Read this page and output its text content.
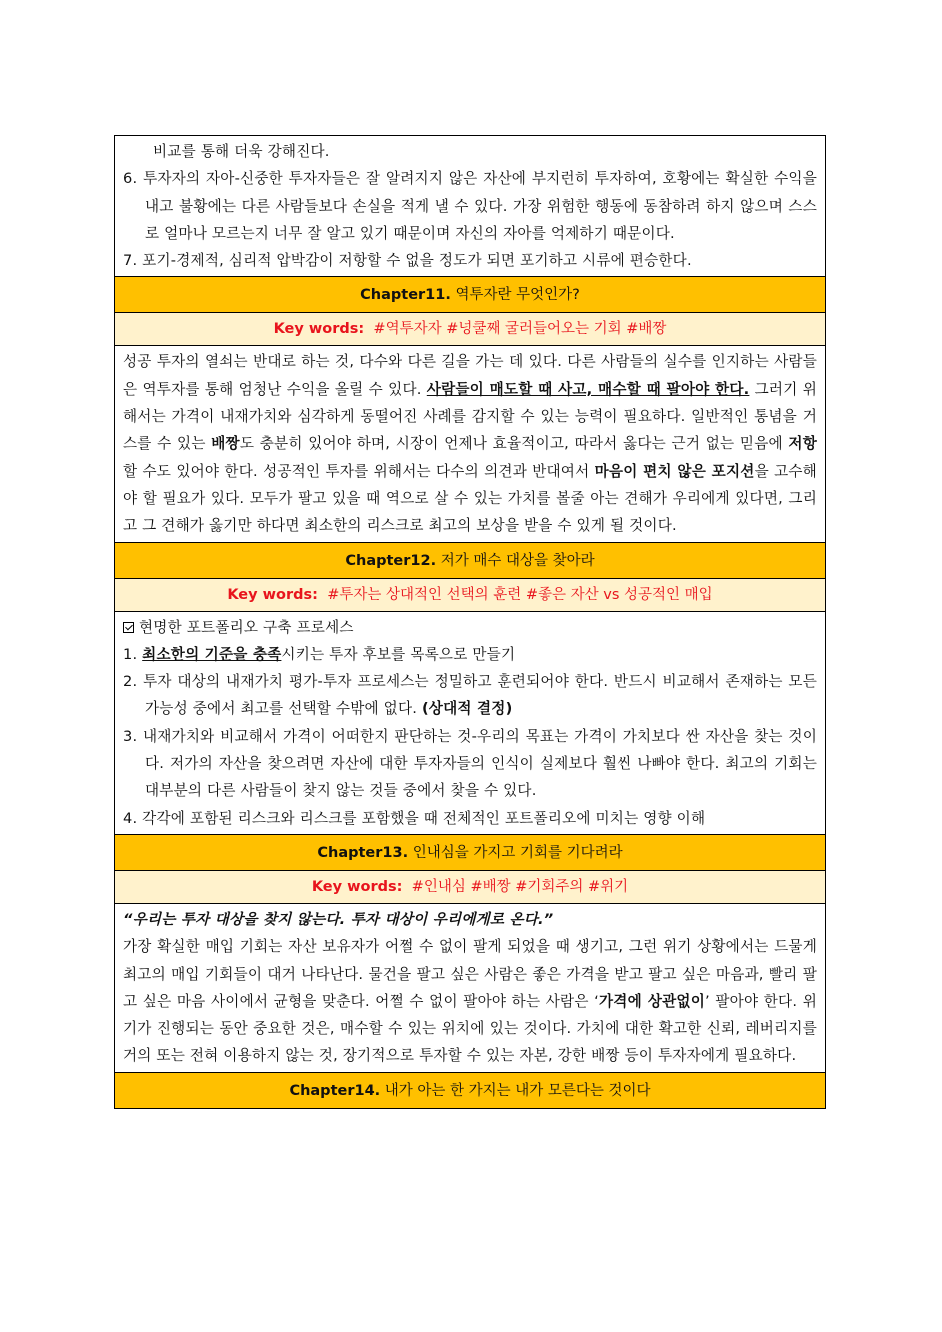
비교를 통해 더욱 강해진다.
6. 투자자의 자아-신중한 투자자들은 잘 알려지지 않은 자산에 부지런히 투자하여, 호황에는 확실한 수익을 내고 불황에는 다른 사람들보다 손실을 적게 낼 수 있다. 가장 위험한 행동에 동참하려 하지 않으며 스스로 얼마나 모르는지 너무 잘 알고 있기 때문이며 자신의 자아를 억제하기 때문이다.
7. 포기-경제적, 심리적 압박감이 저항할 수 없을 정도가 되면 포기하고 시류에 편승한다.
Chapter11. 역투자란 무엇인가?
Key words: #역투자자 #넝쿨째 굴러들어오는 기회 #배짱
성공 투자의 열쇠는 반대로 하는 것, 다수와 다른 길을 가는 데 있다. 다른 사람들의 실수를 인지하는 사람들은 역투자를 통해 엄청난 수익을 올릴 수 있다. 사람들이 매도할 때 사고, 매수할 때 팔아야 한다. 그러기 위해서는 가격이 내재가치와 심각하게 동떨어진 사례를 감지할 수 있는 능력이 필요하다. 일반적인 통념을 거스를 수 있는 배짱도 충분히 있어야 하며, 시장이 언제나 효율적이고, 따라서 옳다는 근거 없는 믿음에 저항할 수도 있어야 한다. 성공적인 투자를 위해서는 다수의 의견과 반대여서 마음이 편치 않은 포지션을 고수해야 할 필요가 있다. 모두가 팔고 있을 때 역으로 살 수 있는 가치를 볼줄 아는 견해가 우리에게 있다면, 그리고 그 견해가 옳기만 하다면 최소한의 리스크로 최고의 보상을 받을 수 있게 될 것이다.
Chapter12. 저가 매수 대상을 찾아라
Key words: #투자는 상대적인 선택의 훈련 #좋은 자산 vs 성공적인 매입
현명한 포트폴리오 구축 프로세스
1. 최소한의 기준을 충족시키는 투자 후보를 목록으로 만들기
2. 투자 대상의 내재가치 평가-투자 프로세스는 정밀하고 훈련되어야 한다. 반드시 비교해서 존재하는 모든 가능성 중에서 최고를 선택할 수밖에 없다. (상대적 결정)
3. 내재가치와 비교해서 가격이 어떠한지 판단하는 것-우리의 목표는 가격이 가치보다 싼 자산을 찾는 것이다. 저가의 자산을 찾으려면 자산에 대한 투자자들의 인식이 실제보다 훨씬 나빠야 한다. 최고의 기회는 대부분의 다른 사람들이 찾지 않는 것들 중에서 찾을 수 있다.
4. 각각에 포함된 리스크와 리스크를 포함했을 때 전체적인 포트폴리오에 미치는 영향 이해
Chapter13. 인내심을 가지고 기회를 기다려라
Key words: #인내심 #배짱 #기회주의 #위기
“우리는 투자 대상을 찾지 않는다. 투자 대상이 우리에게로 온다.”
가장 확실한 매입 기회는 자산 보유자가 어쩔 수 없이 팔게 되었을 때 생기고, 그런 위기 상황에서는 드물게 최고의 매입 기회들이 대거 나타난다. 물건을 팔고 싶은 사람은 좋은 가격을 받고 팔고 싶은 마음과, 빨리 팔고 싶은 마음 사이에서 균형을 맞춘다. 어쩔 수 없이 팔아야 하는 사람은 ‘가격에 상관없이’ 팔아야 한다. 위기가 진행되는 동안 중요한 것은, 매수할 수 있는 위치에 있는 것이다. 가치에 대한 확고한 신뢰, 레버리지를 거의 또는 전혀 이용하지 않는 것, 장기적으로 투자할 수 있는 자본, 강한 배짱 등이 투자자에게 필요하다.
Chapter14. 내가 아는 한 가지는 내가 모른다는 것이다
